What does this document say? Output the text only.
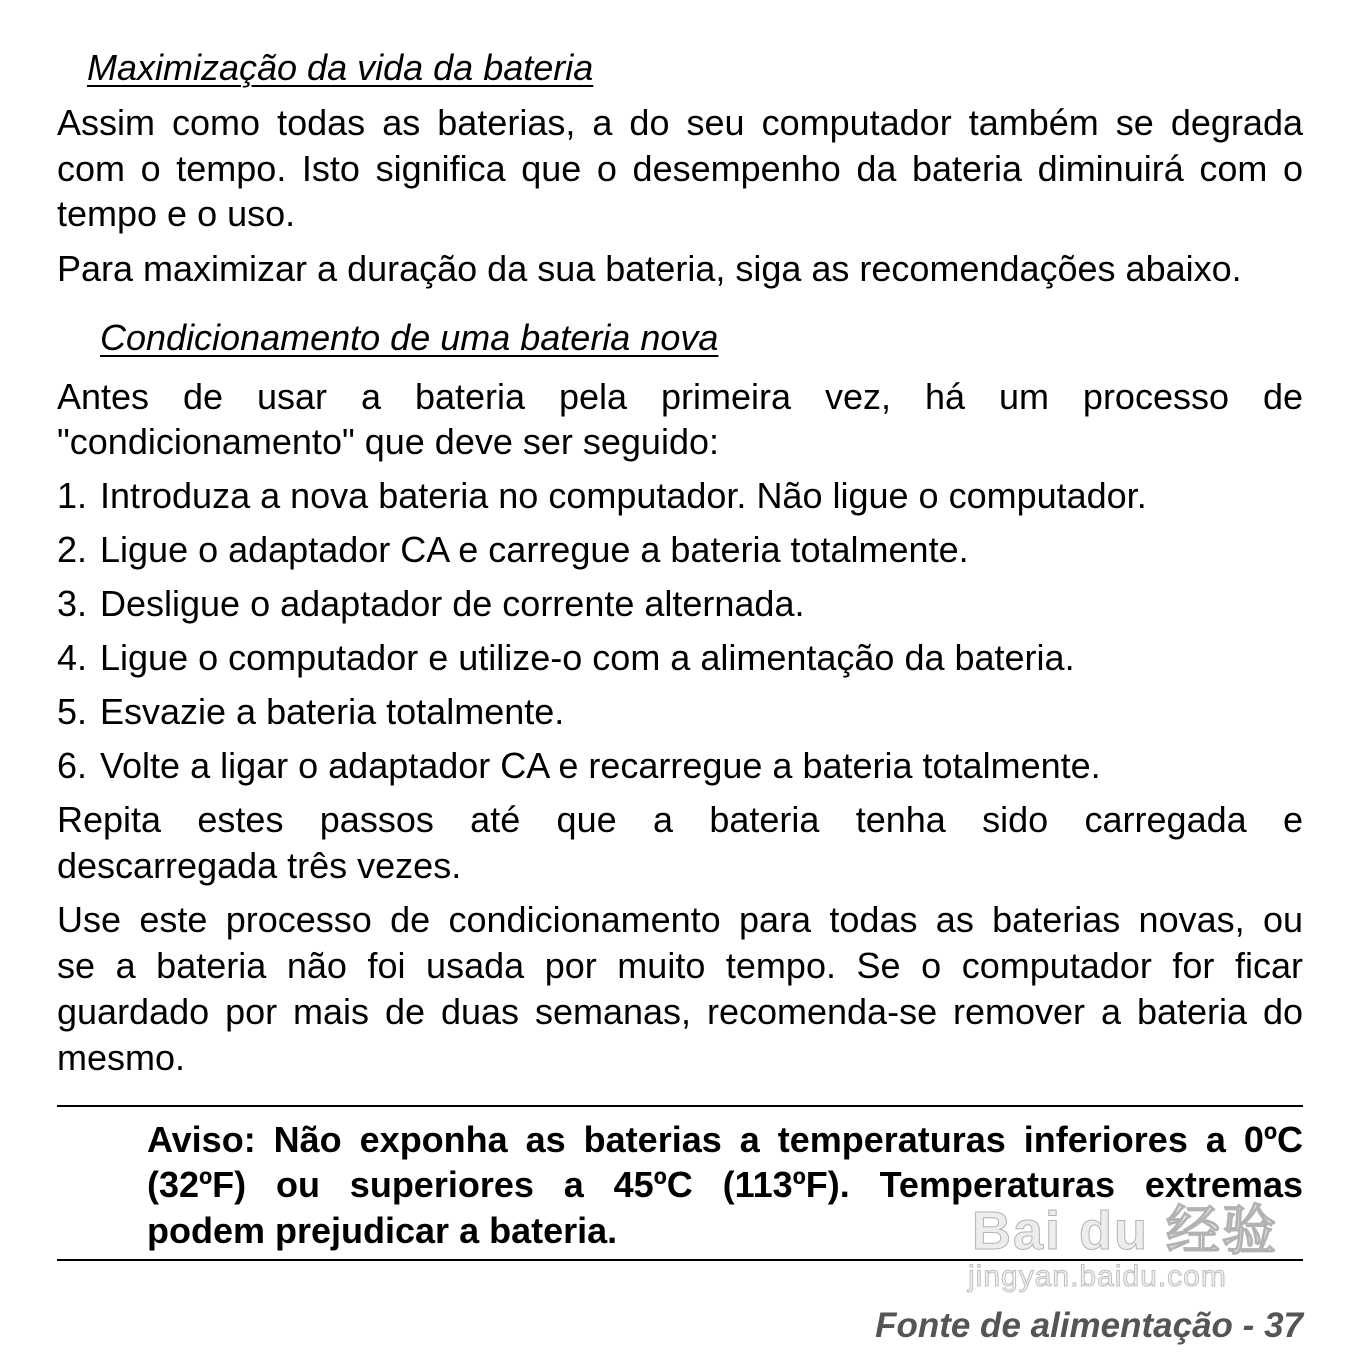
Maximização da vida da bateria
Assim como todas as baterias, a do seu computador também se degrada
com o tempo. Isto significa que o desempenho da bateria diminuirá com o
tempo e o uso.
Para maximizar a duração da sua bateria, siga as recomendações abaixo.
Condicionamento de uma bateria nova
Antes de usar a bateria pela primeira vez, há um processo de
"condicionamento" que deve ser seguido:
1. Introduza a nova bateria no computador. Não ligue o computador.
2. Ligue o adaptador CA e carregue a bateria totalmente.
3. Desligue o adaptador de corrente alternada.
4. Ligue o computador e utilize-o com a alimentação da bateria.
5. Esvazie a bateria totalmente.
6. Volte a ligar o adaptador CA e recarregue a bateria totalmente.
Repita estes passos até que a bateria tenha sido carregada e
descarregada três vezes.
Use este processo de condicionamento para todas as baterias novas, ou
se a bateria não foi usada por muito tempo. Se o computador for ficar
guardado por mais de duas semanas, recomenda-se remover a bateria do
mesmo.
Aviso: Não exponha as baterias a temperaturas inferiores a 0ºC
(32ºF) ou superiores a 45ºC (113ºF). Temperaturas extremas
podem prejudicar a bateria.
Fonte de alimentação - 37
Bai du 经验
jingyan.baidu.com
